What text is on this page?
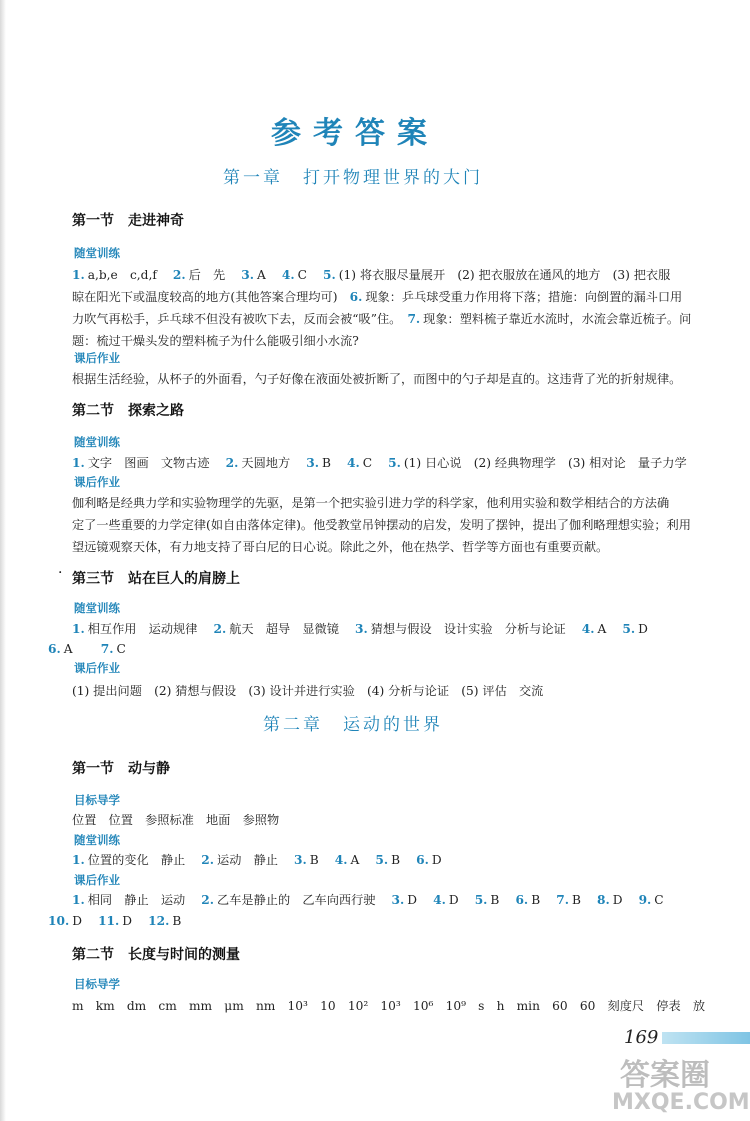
参考答案
第一章　打开物理世界的大门
第一节　走进神奇
随堂训练
1. a,b,e　c,d,f　 2. 后　先　 3. A　 4. C　 5. (1) 将衣服尽量展开　(2) 把衣服放在通风的地方　(3) 把衣服
晾在阳光下或温度较高的地方(其他答案合理均可)　6. 现象：乒乓球受重力作用将下落；措施：向倒置的漏斗口用
力吹气再松手，乒乓球不但没有被吹下去，反而会被“吸”住。　7. 现象：塑料梳子靠近水流时，水流会靠近梳子。问
题：梳过干燥头发的塑料梳子为什么能吸引细小水流?
课后作业
根据生活经验，从杯子的外面看，勺子好像在液面处被折断了，而图中的勺子却是直的。这违背了光的折射规律。
第二节　探索之路
随堂训练
1. 文字　图画　文物古迹　 2. 天圆地方　 3. B　 4. C　 5. (1) 日心说　(2) 经典物理学　(3) 相对论　量子力学
课后作业
伽利略是经典力学和实验物理学的先驱，是第一个把实验引进力学的科学家，他利用实验和数学相结合的方法确
定了一些重要的力学定律(如自由落体定律)。他受教堂吊钟摆动的启发，发明了摆钟，提出了伽利略理想实验；利用
望远镜观察天体，有力地支持了哥白尼的日心说。除此之外，他在热学、哲学等方面也有重要贡献。
· 第三节　站在巨人的肩膀上
随堂训练
1. 相互作用　运动规律　 2. 航天　超导　显微镜　 3. 猜想与假设　设计实验　分析与论证　 4. A　 5. D
6. A　　 7. C
课后作业
(1) 提出问题　(2) 猜想与假设　(3) 设计并进行实验　(4) 分析与论证　(5) 评估　交流
第二章　运动的世界
第一节　动与静
目标导学
位置　位置　参照标准　地面　参照物
随堂训练
1. 位置的变化　静止　 2. 运动　静止　 3. B　 4. A　 5. B　 6. D
课后作业
1. 相同　静止　运动　 2. 乙车是静止的　乙车向西行驶　 3. D　 4. D　 5. B　 6. B　 7. B　 8. D　 9. C
10. D　 11. D　 12. B
第二节　长度与时间的测量
目标导学
m　km　dm　cm　mm　μm　nm　10³　10　10²　10³　10⁶　10⁹　s　h　min　60　60　刻度尺　停表　放
169
答案圈
MXQE.COM
